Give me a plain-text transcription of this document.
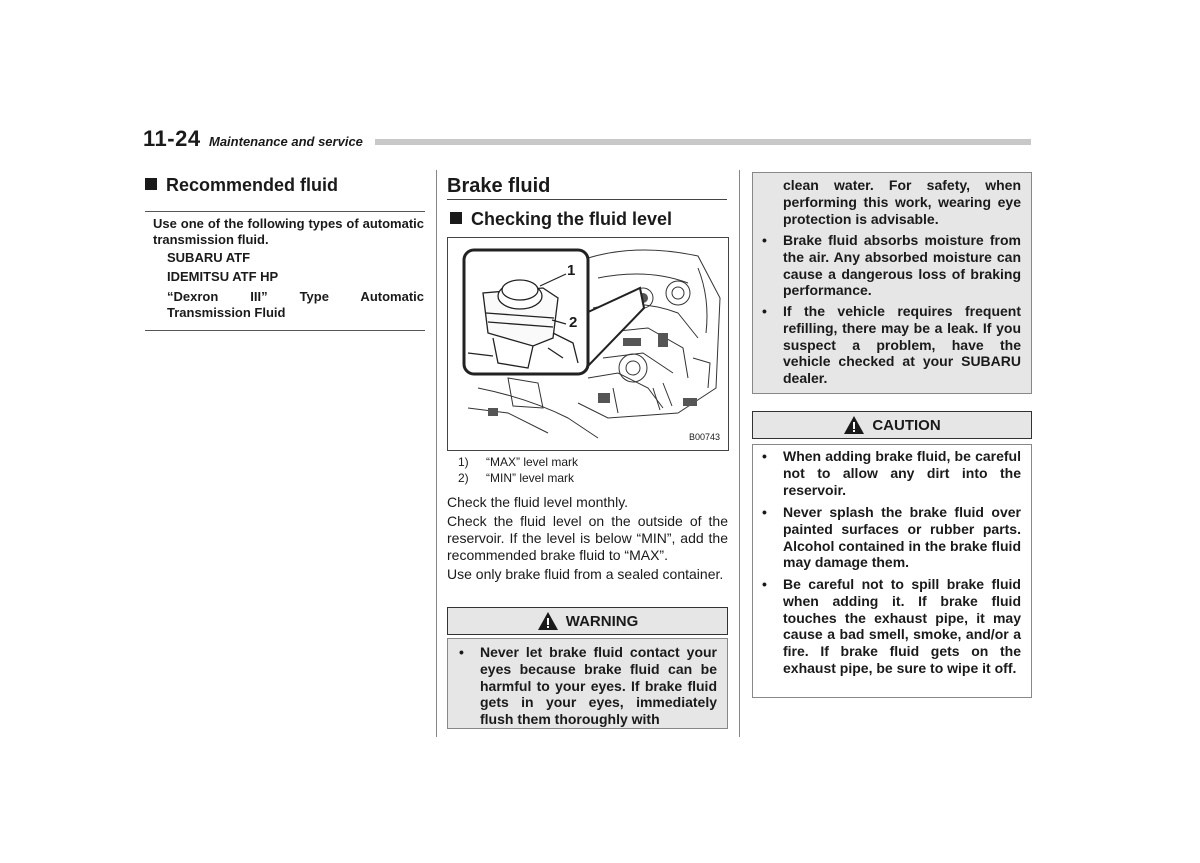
11-24 Maintenance and service
Recommended fluid
Use one of the following types of automatic transmission fluid.
SUBARU ATF
IDEMITSU ATF HP
“Dexron III” Type Automatic Transmission Fluid
Brake fluid
Checking the fluid level
B00743
1
2
1) “MAX” level mark
2) “MIN” level mark
Check the fluid level monthly.
Check the fluid level on the outside of the reservoir. If the level is below “MIN”, add the recommended brake fluid to “MAX”.
Use only brake fluid from a sealed container.
WARNING
• Never let brake fluid contact your eyes because brake fluid can be harmful to your eyes. If brake fluid gets in your eyes, immediately flush them thoroughly with
clean water. For safety, when performing this work, wearing eye protection is advisable.
• Brake fluid absorbs moisture from the air. Any absorbed moisture can cause a dangerous loss of braking performance.
• If the vehicle requires frequent refilling, there may be a leak. If you suspect a problem, have the vehicle checked at your SUBARU dealer.
CAUTION
• When adding brake fluid, be careful not to allow any dirt into the reservoir.
• Never splash the brake fluid over painted surfaces or rubber parts. Alcohol contained in the brake fluid may damage them.
• Be careful not to spill brake fluid when adding it. If brake fluid touches the exhaust pipe, it may cause a bad smell, smoke, and/or a fire. If brake fluid gets on the exhaust pipe, be sure to wipe it off.
